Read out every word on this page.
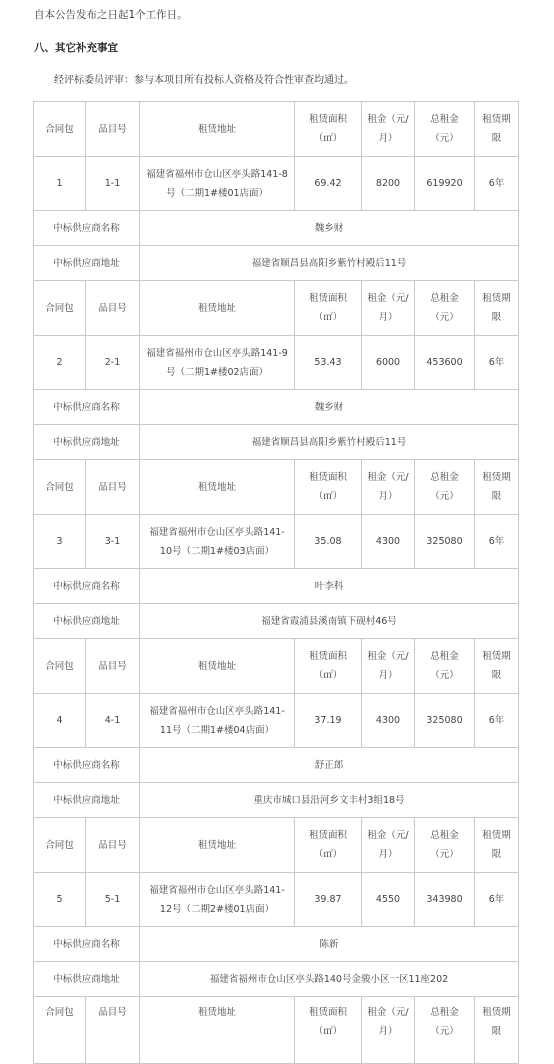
自本公告发布之日起1个工作日。
八、其它补充事宜
经评标委员评审：参与本项目所有投标人资格及符合性审查均通过。
合同包	品目号	租赁地址	租赁面积（㎡）	租金（元/月）	总租金（元）	租赁期限
1	1-1	福建省福州市仓山区亭头路141-8号（二期1#楼01店面）	69.42	8200	619920	6年
中标供应商名称		魏乡财				
中标供应商地址		福建省顺昌县高阳乡紫竹村殿后11号				
合同包	品目号	租赁地址	租赁面积（㎡）	租金（元/月）	总租金（元）	租赁期限
2	2-1	福建省福州市仓山区亭头路141-9号（二期1#楼02店面）	53.43	6000	453600	6年
中标供应商名称		魏乡财				
中标供应商地址		福建省顺昌县高阳乡紫竹村殿后11号				
合同包	品目号	租赁地址	租赁面积（㎡）	租金（元/月）	总租金（元）	租赁期限
3	3-1	福建省福州市仓山区亭头路141-10号（二期1#楼03店面）	35.08	4300	325080	6年
中标供应商名称		叶李科				
中标供应商地址		福建省霞浦县溪南镇下砚村46号				
合同包	品目号	租赁地址	租赁面积（㎡）	租金（元/月）	总租金（元）	租赁期限
4	4-1	福建省福州市仓山区亭头路141-11号（二期1#楼04店面）	37.19	4300	325080	6年
中标供应商名称		舒正郎				
中标供应商地址		重庆市城口县沿河乡文丰村3组18号				
合同包	品目号	租赁地址	租赁面积（㎡）	租金（元/月）	总租金（元）	租赁期限
5	5-1	福建省福州市仓山区亭头路141-12号（二期2#楼01店面）	39.87	4550	343980	6年
中标供应商名称		陈新				
中标供应商地址		福建省福州市仓山区亭头路140号金骏小区一区11座202				
合同包	品目号	租赁地址	租赁面积（㎡）	租金（元/月）	总租金（元）	租赁期限
